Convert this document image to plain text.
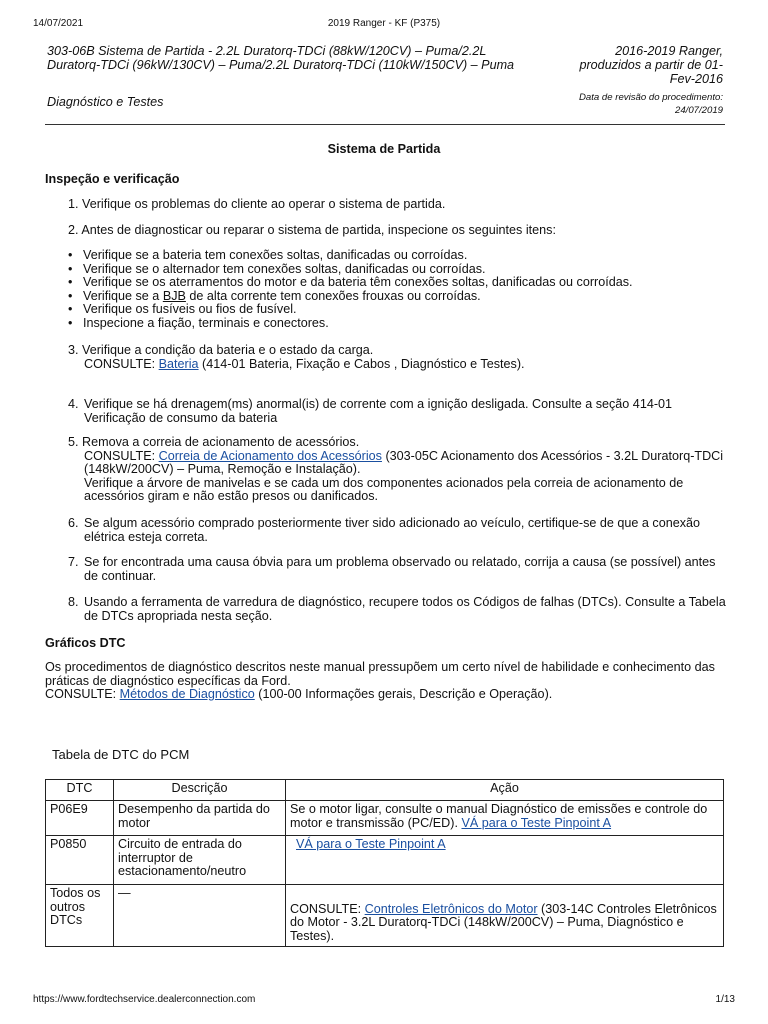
14/07/2021	2019 Ranger - KF (P375)
303-06B Sistema de Partida - 2.2L Duratorq-TDCi (88kW/120CV) – Puma/2.2L Duratorq-TDCi (96kW/130CV) – Puma/2.2L Duratorq-TDCi (110kW/150CV) – Puma
2016-2019 Ranger,
produzidos a partir de 01-
Fev-2016
Diagnóstico e Testes	Data de revisão do procedimento:
24/07/2019
Sistema de Partida
Inspeção e verificação
1. Verifique os problemas do cliente ao operar o sistema de partida.
2. Antes de diagnosticar ou reparar o sistema de partida, inspecione os seguintes itens:
• Verifique se a bateria tem conexões soltas, danificadas ou corroídas.
• Verifique se o alternador tem conexões soltas, danificadas ou corroídas.
• Verifique se os aterramentos do motor e da bateria têm conexões soltas, danificadas ou corroídas.
• Verifique se a BJB de alta corrente tem conexões frouxas ou corroídas.
• Verifique os fusíveis ou fios de fusível.
• Inspecione a fiação, terminais e conectores.
3. Verifique a condição da bateria e o estado da carga.
CONSULTE: Bateria (414-01 Bateria, Fixação e Cabos , Diagnóstico e Testes).
4. Verifique se há drenagem(ms) anormal(is) de corrente com a ignição desligada. Consulte a seção 414-01 Verificação de consumo da bateria
5. Remova a correia de acionamento de acessórios.
CONSULTE: Correia de Acionamento dos Acessórios (303-05C Acionamento dos Acessórios - 3.2L Duratorq-TDCi (148kW/200CV) – Puma, Remoção e Instalação).
Verifique a árvore de manivelas e se cada um dos componentes acionados pela correia de acionamento de acessórios giram e não estão presos ou danificados.
6. Se algum acessório comprado posteriormente tiver sido adicionado ao veículo, certifique-se de que a conexão elétrica esteja correta.
7. Se for encontrada uma causa óbvia para um problema observado ou relatado, corrija a causa (se possível) antes de continuar.
8. Usando a ferramenta de varredura de diagnóstico, recupere todos os Códigos de falhas (DTCs). Consulte a Tabela de DTCs apropriada nesta seção.
Gráficos DTC
Os procedimentos de diagnóstico descritos neste manual pressupõem um certo nível de habilidade e conhecimento das práticas de diagnóstico específicas da Ford.
CONSULTE: Métodos de Diagnóstico (100-00 Informações gerais, Descrição e Operação).
Tabela de DTC do PCM
DTC	Descrição	Ação
P06E9	Desempenho da partida do motor	Se o motor ligar, consulte o manual Diagnóstico de emissões e controle do motor e transmissão (PC/ED). VÁ para o Teste Pinpoint A
P0850	Circuito de entrada do interruptor de estacionamento/neutro	VÁ para o Teste Pinpoint A
Todos os outros DTCs	—	CONSULTE: Controles Eletrônicos do Motor (303-14C Controles Eletrônicos do Motor - 3.2L Duratorq-TDCi (148kW/200CV) – Puma, Diagnóstico e Testes).
https://www.fordtechservice.dealerconnection.com	1/13
